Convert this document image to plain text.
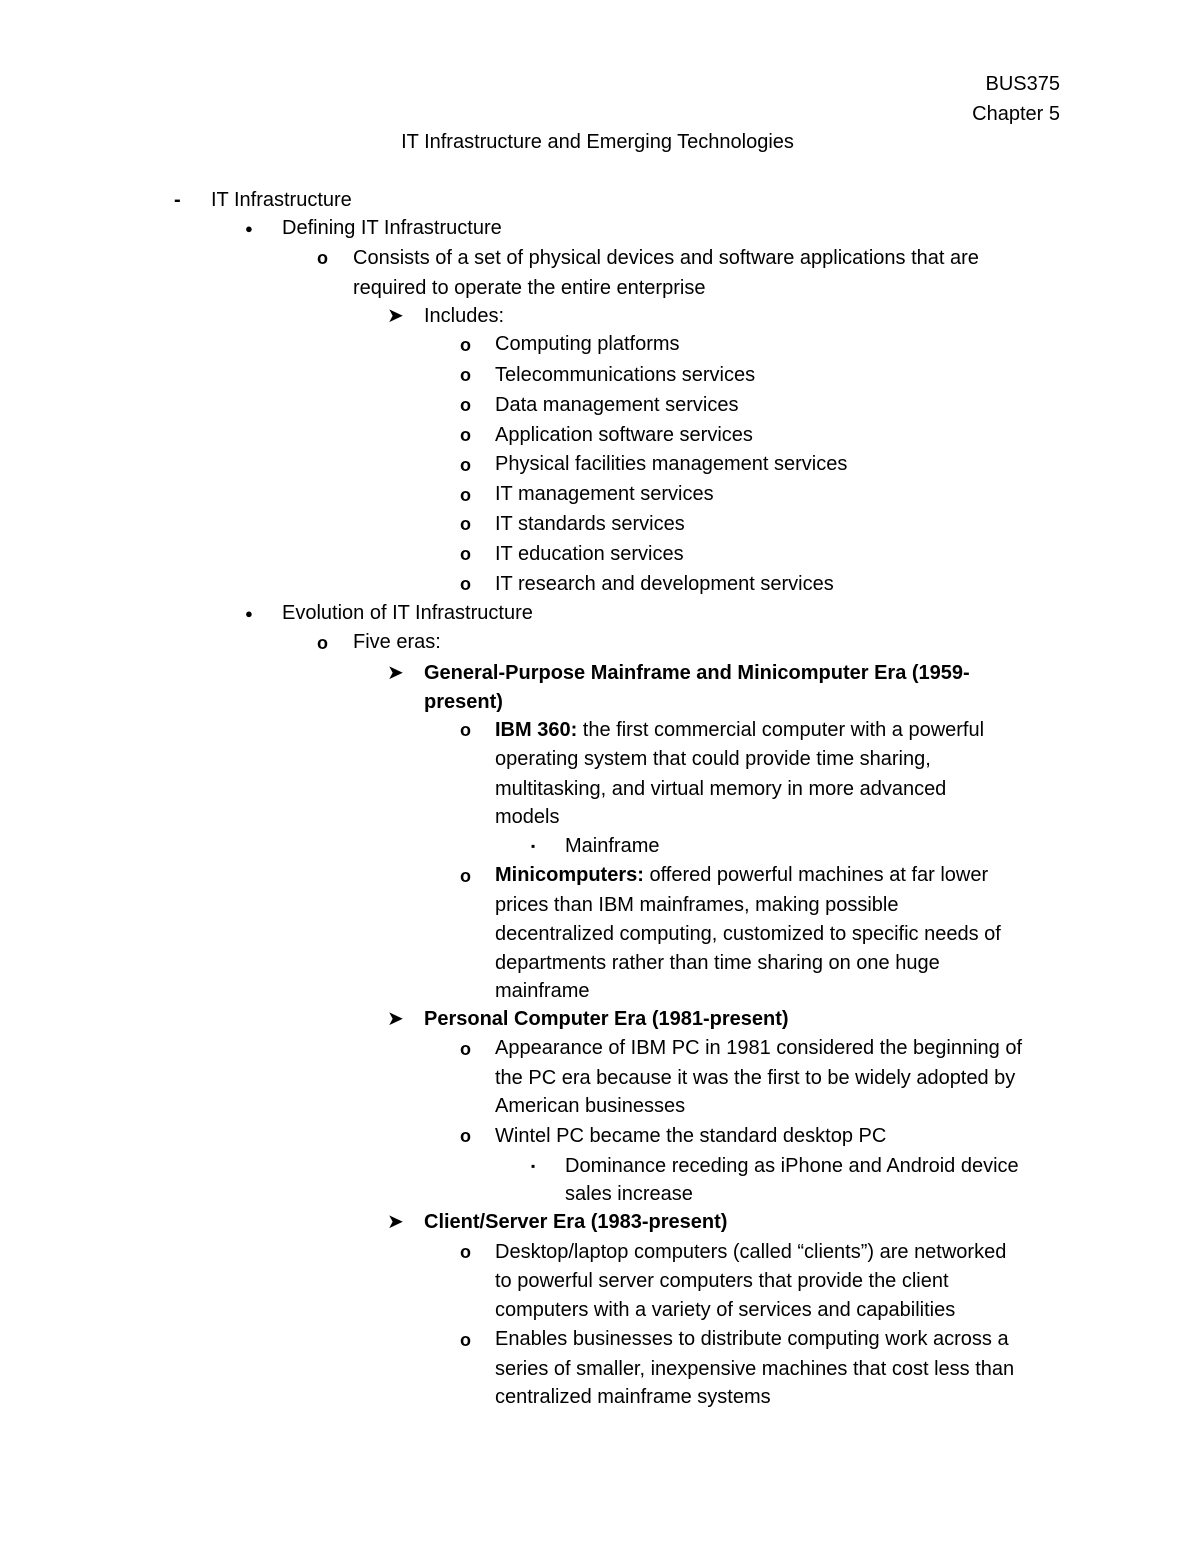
BUS375
Chapter 5
IT Infrastructure and Emerging Technologies
- IT Infrastructure
● Defining IT Infrastructure
o Consists of a set of physical devices and software applications that are
required to operate the entire enterprise
➤ Includes:
o Computing platforms
o Telecommunications services
o Data management services
o Application software services
o Physical facilities management services
o IT management services
o IT standards services
o IT education services
o IT research and development services
● Evolution of IT Infrastructure
o Five eras:
➤ General-Purpose Mainframe and Minicomputer Era (1959-
present)
o IBM 360: the first commercial computer with a powerful
operating system that could provide time sharing,
multitasking, and virtual memory in more advanced
models
▪ Mainframe
o Minicomputers: offered powerful machines at far lower
prices than IBM mainframes, making possible
decentralized computing, customized to specific needs of
departments rather than time sharing on one huge
mainframe
➤ Personal Computer Era (1981-present)
o Appearance of IBM PC in 1981 considered the beginning of
the PC era because it was the first to be widely adopted by
American businesses
o Wintel PC became the standard desktop PC
▪ Dominance receding as iPhone and Android device
sales increase
➤ Client/Server Era (1983-present)
o Desktop/laptop computers (called “clients”) are networked
to powerful server computers that provide the client
computers with a variety of services and capabilities
o Enables businesses to distribute computing work across a
series of smaller, inexpensive machines that cost less than
centralized mainframe systems
